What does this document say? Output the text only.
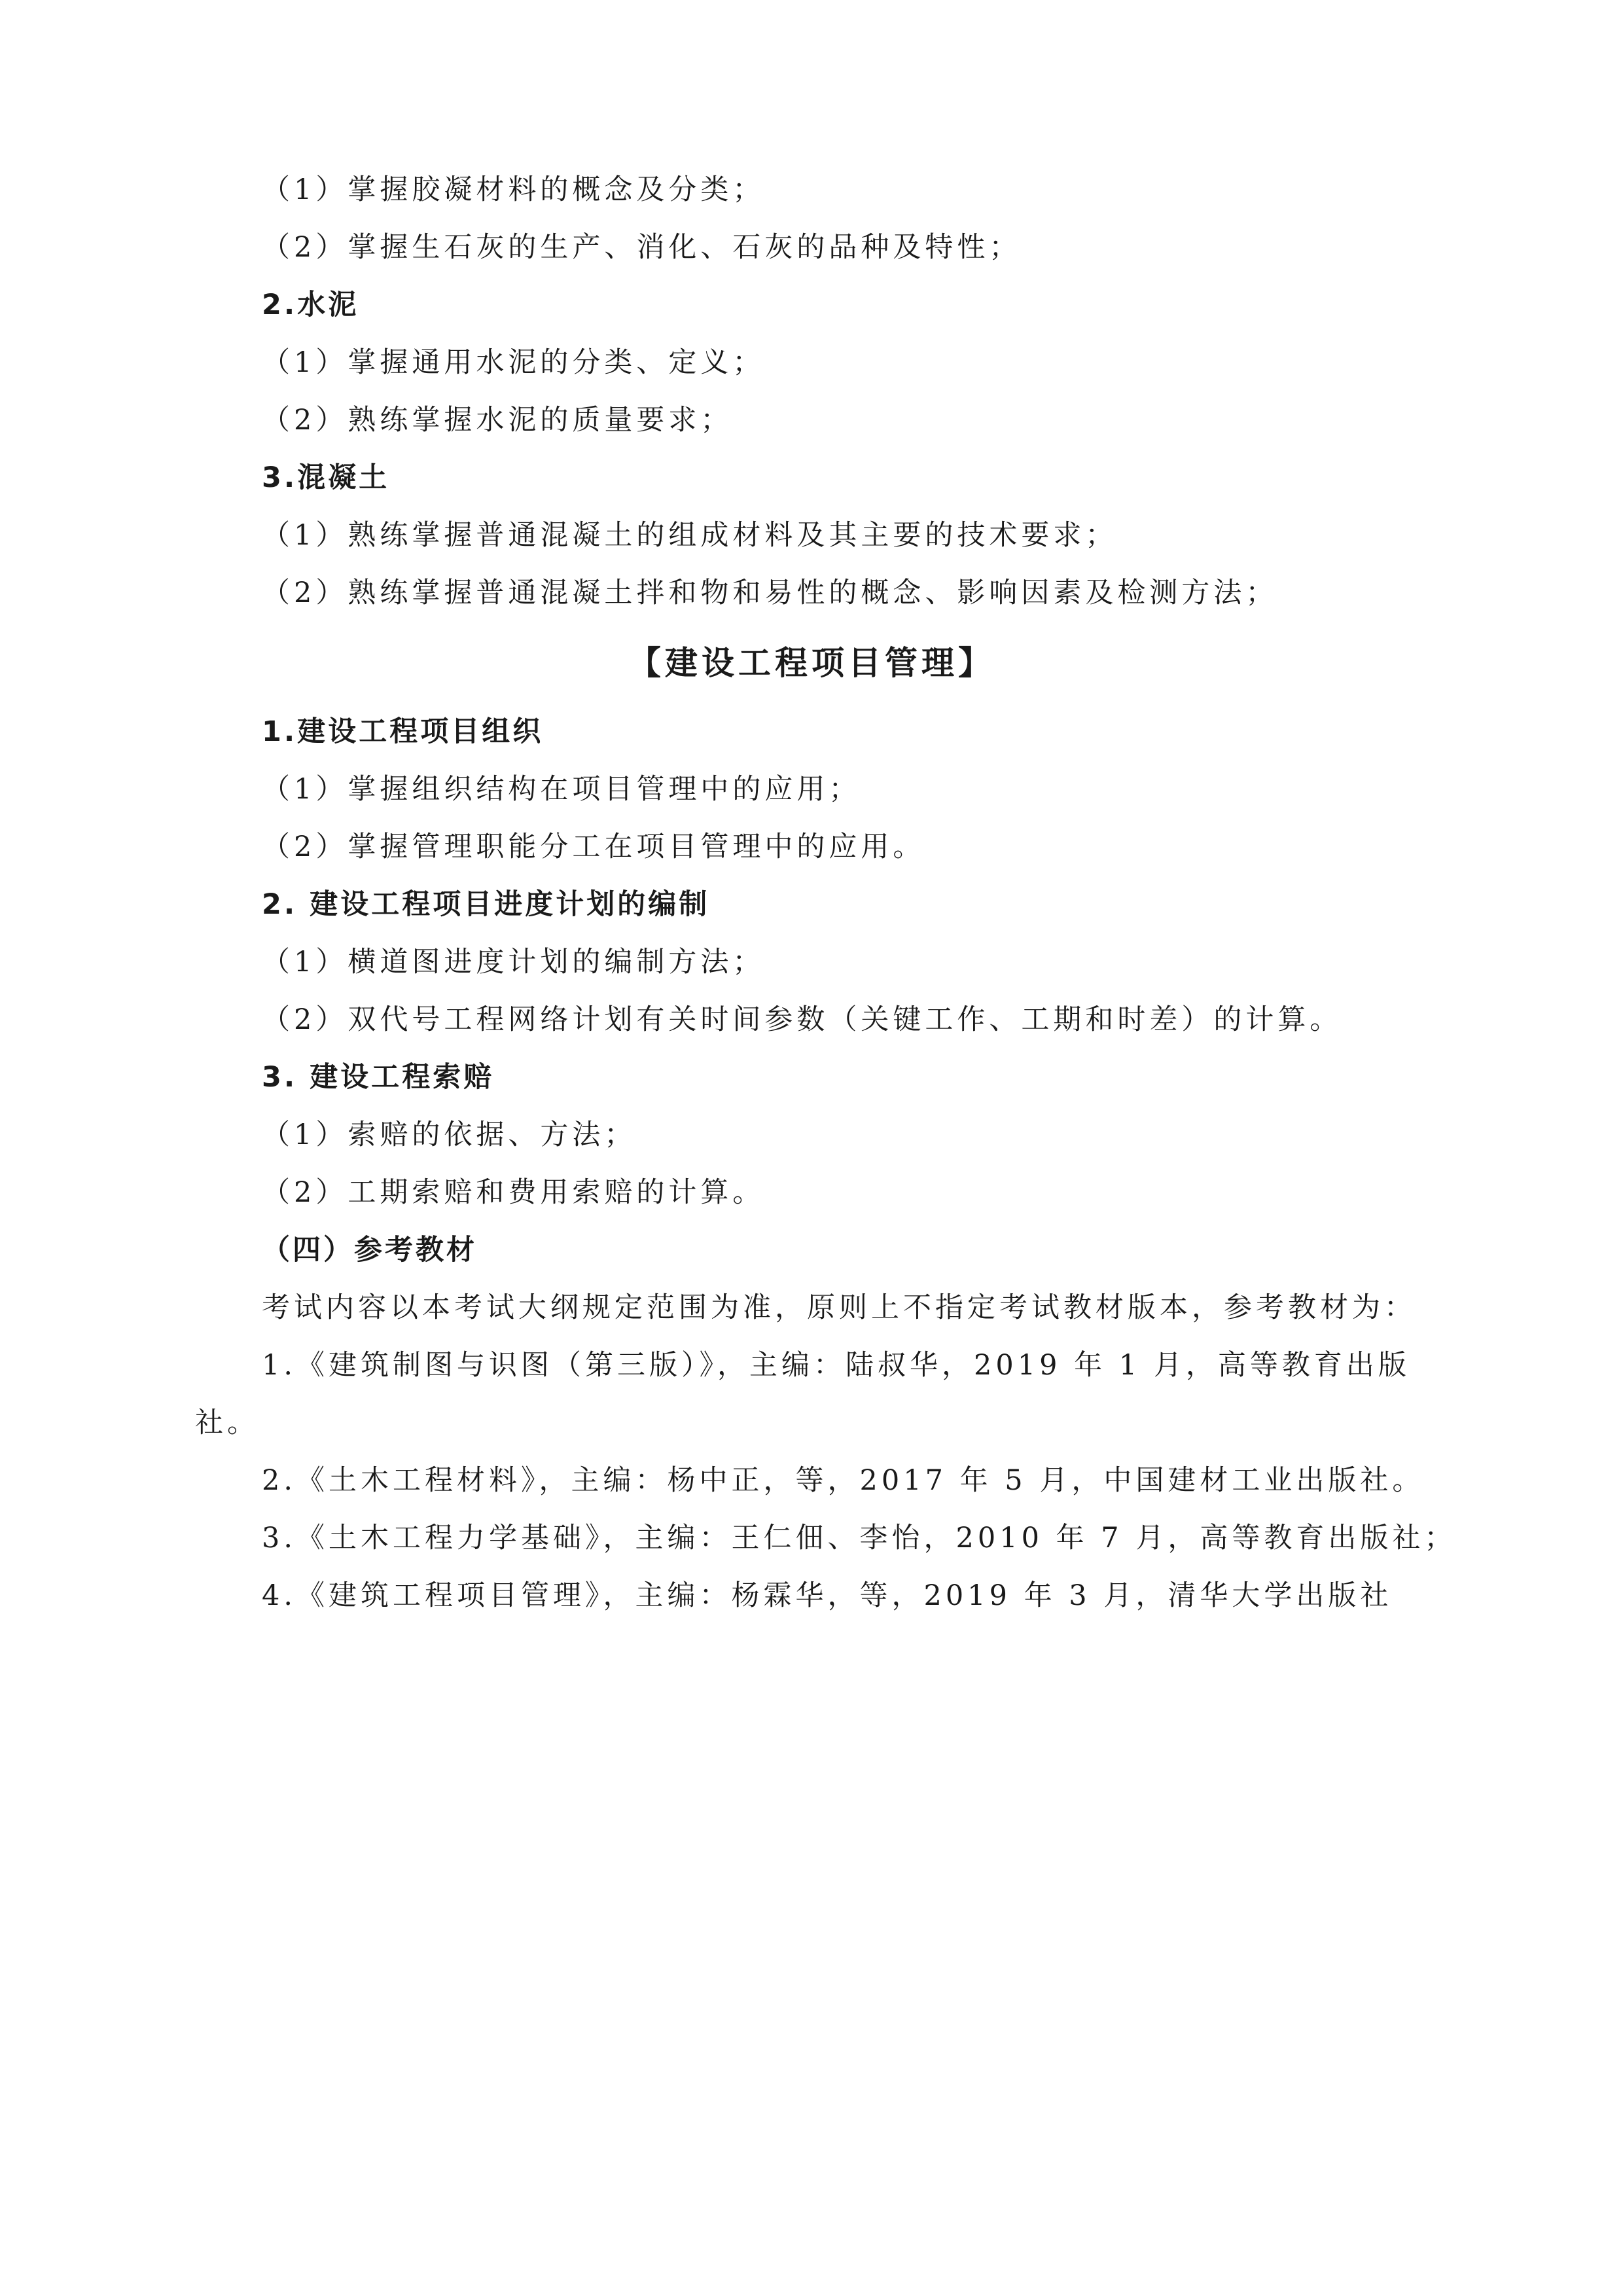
（1）掌握胶凝材料的概念及分类；
（2）掌握生石灰的生产、消化、石灰的品种及特性；
2.水泥
（1）掌握通用水泥的分类、定义；
（2）熟练掌握水泥的质量要求；
3.混凝土
（1）熟练掌握普通混凝土的组成材料及其主要的技术要求；
（2）熟练掌握普通混凝土拌和物和易性的概念、影响因素及检测方法；
【建设工程项目管理】
1.建设工程项目组织
（1）掌握组织结构在项目管理中的应用；
（2）掌握管理职能分工在项目管理中的应用。
2. 建设工程项目进度计划的编制
（1）横道图进度计划的编制方法；
（2）双代号工程网络计划有关时间参数（关键工作、工期和时差）的计算。
3. 建设工程索赔
（1）索赔的依据、方法；
（2）工期索赔和费用索赔的计算。
（四）参考教材
考试内容以本考试大纲规定范围为准，原则上不指定考试教材版本，参考教材为：
1.《建筑制图与识图（第三版）》，主编：陆叔华，2019 年 1 月，高等教育出版
社。
2.《土木工程材料》，主编：杨中正，等，2017 年 5 月，中国建材工业出版社。
3.《土木工程力学基础》，主编：王仁佃、李怡，2010 年 7 月，高等教育出版社；
4.《建筑工程项目管理》，主编：杨霖华，等，2019 年 3 月，清华大学出版社
